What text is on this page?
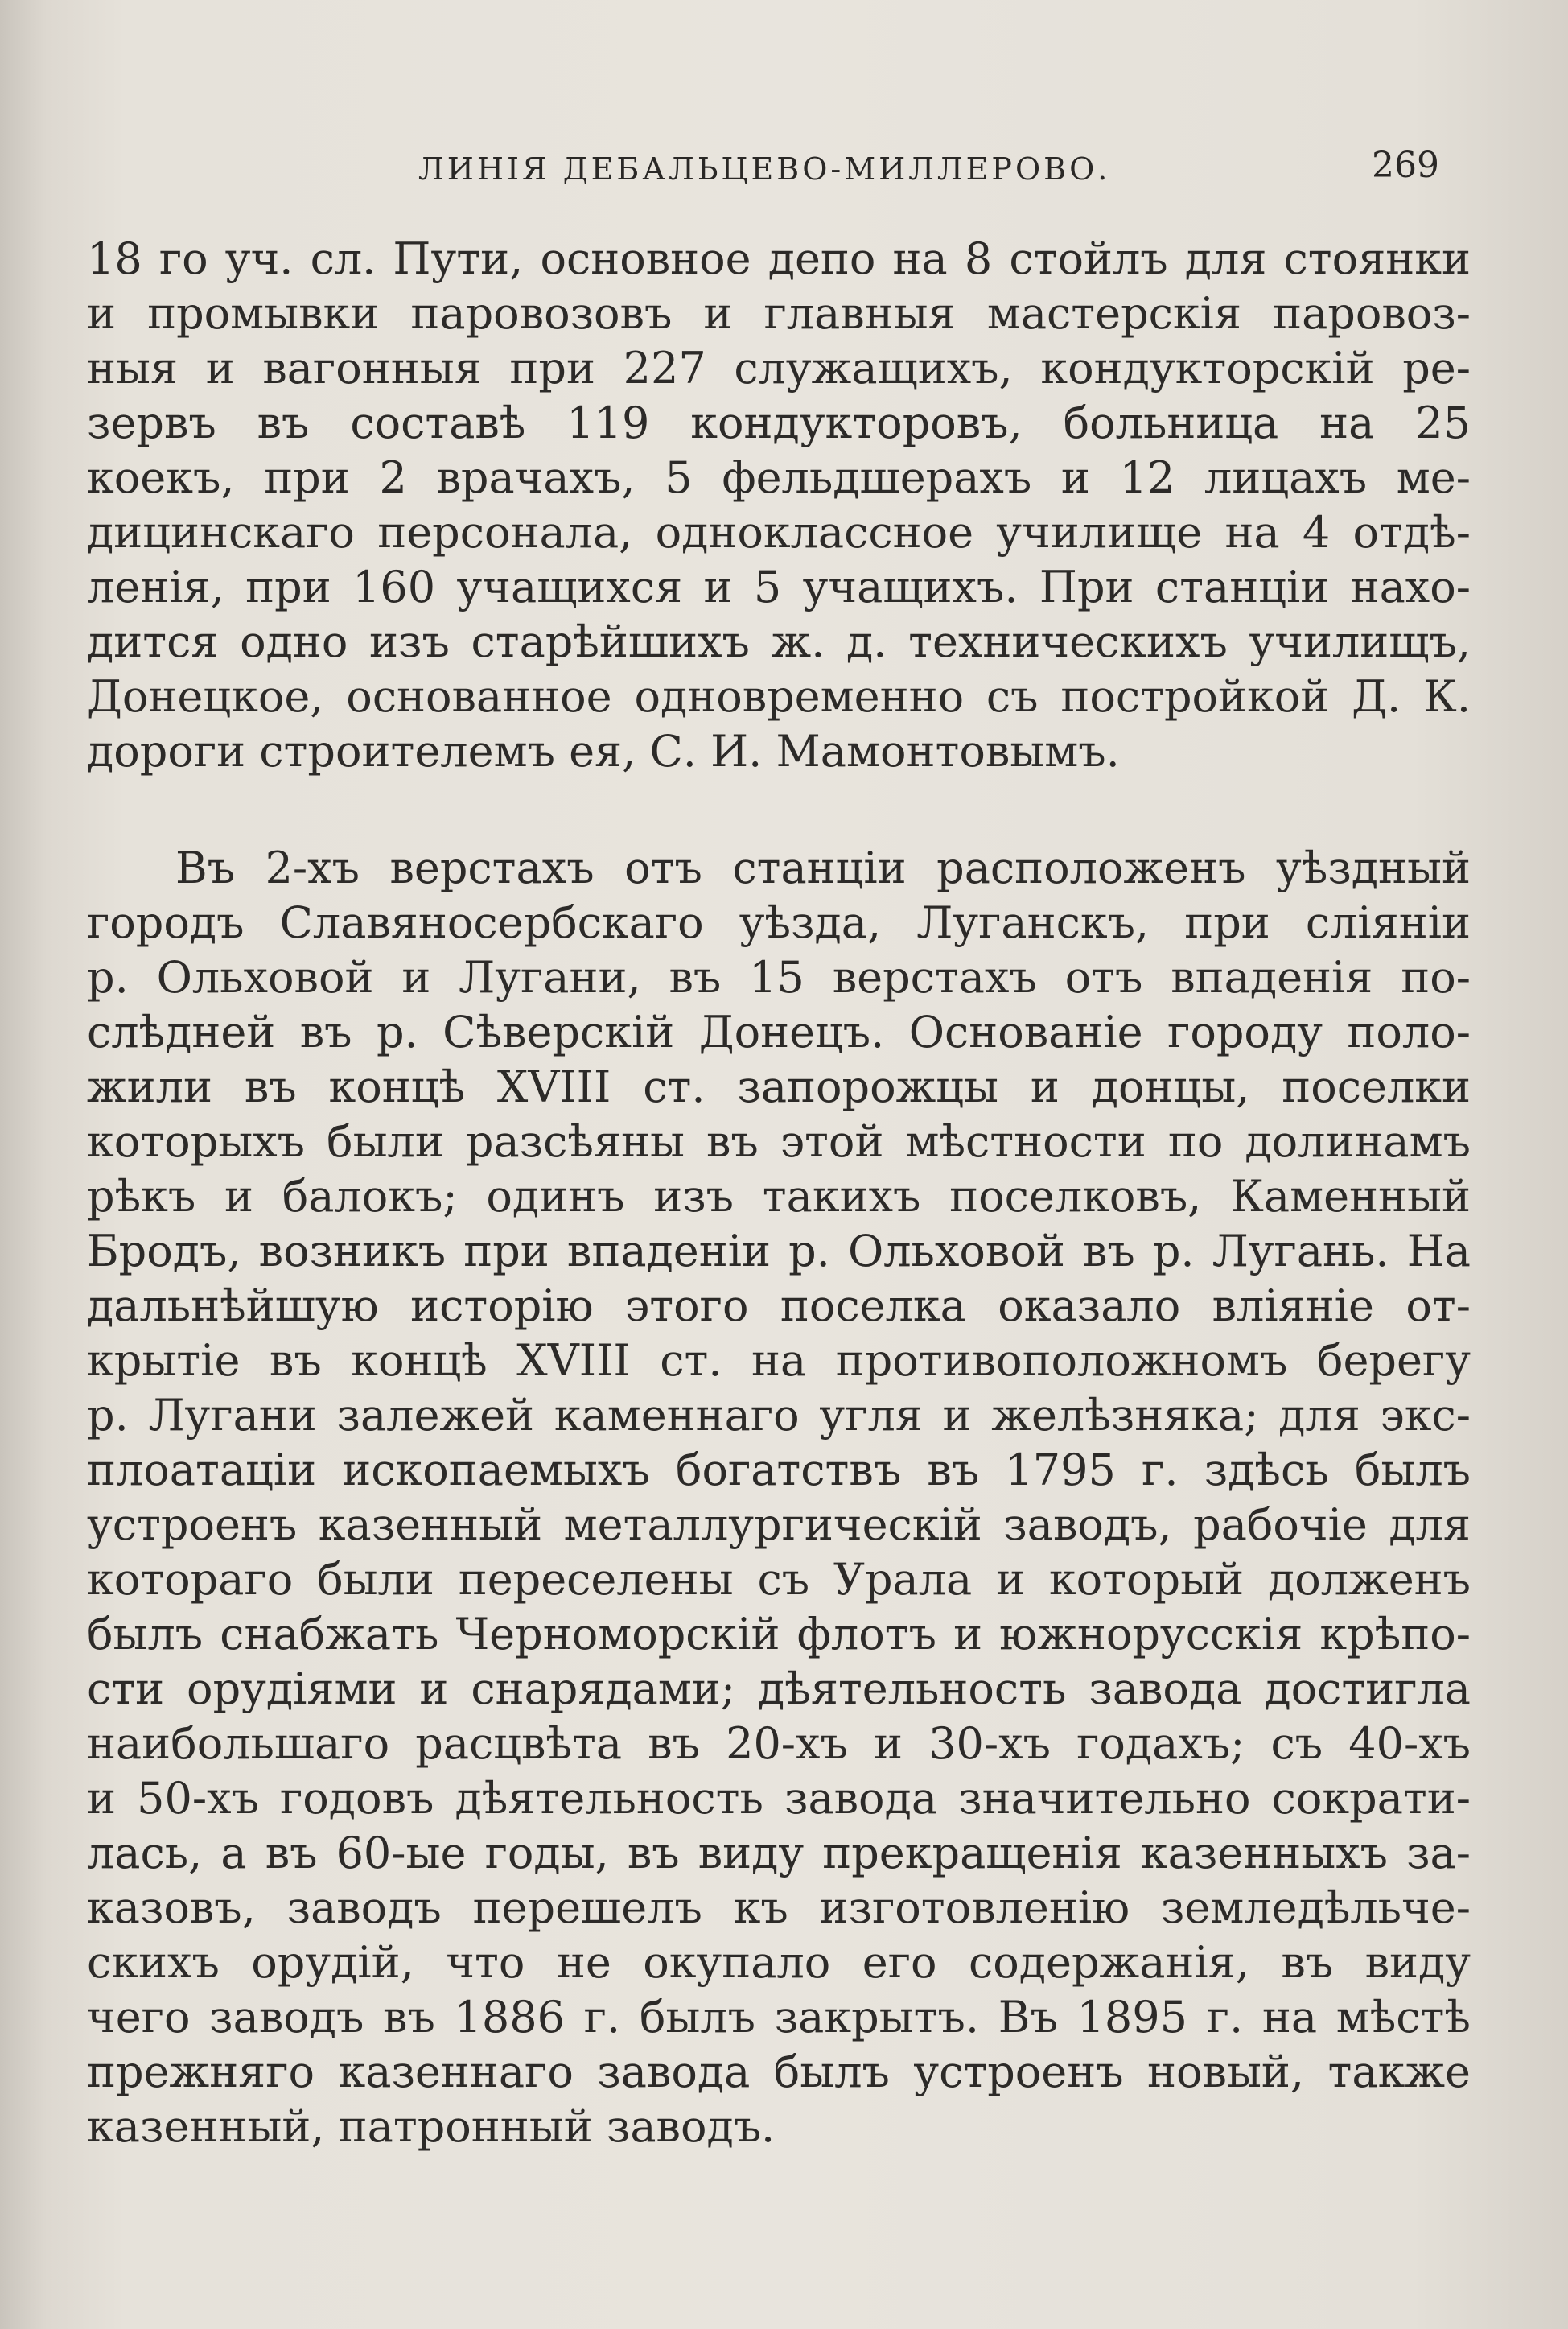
ЛИНІЯ ДЕБАЛЬЦЕВО-МИЛЛЕРОВО.	269
18 го уч. сл. Пути, основное депо на 8 стойлъ для стоянки
и промывки паровозовъ и главныя мастерскія паровоз-
ныя и вагонныя при 227 служащихъ, кондукторскій ре-
зервъ въ составѣ 119 кондукторовъ, больница на 25
коекъ, при 2 врачахъ, 5 фельдшерахъ и 12 лицахъ ме-
дицинскаго персонала, одноклассное училище на 4 отдѣ-
ленія, при 160 учащихся и 5 учащихъ. При станціи нахо-
дится одно изъ старѣйшихъ ж. д. техническихъ училищъ,
Донецкое, основанное одновременно съ постройкой Д. К.
дороги строителемъ ея, С. И. Мамонтовымъ.
Въ 2-хъ верстахъ отъ станціи расположенъ уѣздный
городъ Славяносербскаго уѣзда, Луганскъ, при сліяніи
р. Ольховой и Лугани, въ 15 верстахъ отъ впаденія по-
слѣдней въ р. Сѣверскій Донецъ. Основаніе городу поло-
жили въ концѣ XVIII ст. запорожцы и донцы, поселки
которыхъ были разсѣяны въ этой мѣстности по долинамъ
рѣкъ и балокъ; одинъ изъ такихъ поселковъ, Каменный
Бродъ, возникъ при впаденіи р. Ольховой въ р. Лугань. На
дальнѣйшую исторію этого поселка оказало вліяніе от-
крытіе въ концѣ XVIII ст. на противоположномъ берегу
р. Лугани залежей каменнаго угля и желѣзняка; для экс-
плоатаціи ископаемыхъ богатствъ въ 1795 г. здѣсь былъ
устроенъ казенный металлургическій заводъ, рабочіе для
котораго были переселены съ Урала и который долженъ
былъ снабжать Черноморскій флотъ и южнорусскія крѣпо-
сти орудіями и снарядами; дѣятельность завода достигла
наибольшаго расцвѣта въ 20-хъ и 30-хъ годахъ; съ 40-хъ
и 50-хъ годовъ дѣятельность завода значительно сократи-
лась, а въ 60-ые годы, въ виду прекращенія казенныхъ за-
казовъ, заводъ перешелъ къ изготовленію земледѣльче-
скихъ орудій, что не окупало его содержанія, въ виду
чего заводъ въ 1886 г. былъ закрытъ. Въ 1895 г. на мѣстѣ
прежняго казеннаго завода былъ устроенъ новый, также
казенный, патронный заводъ.
